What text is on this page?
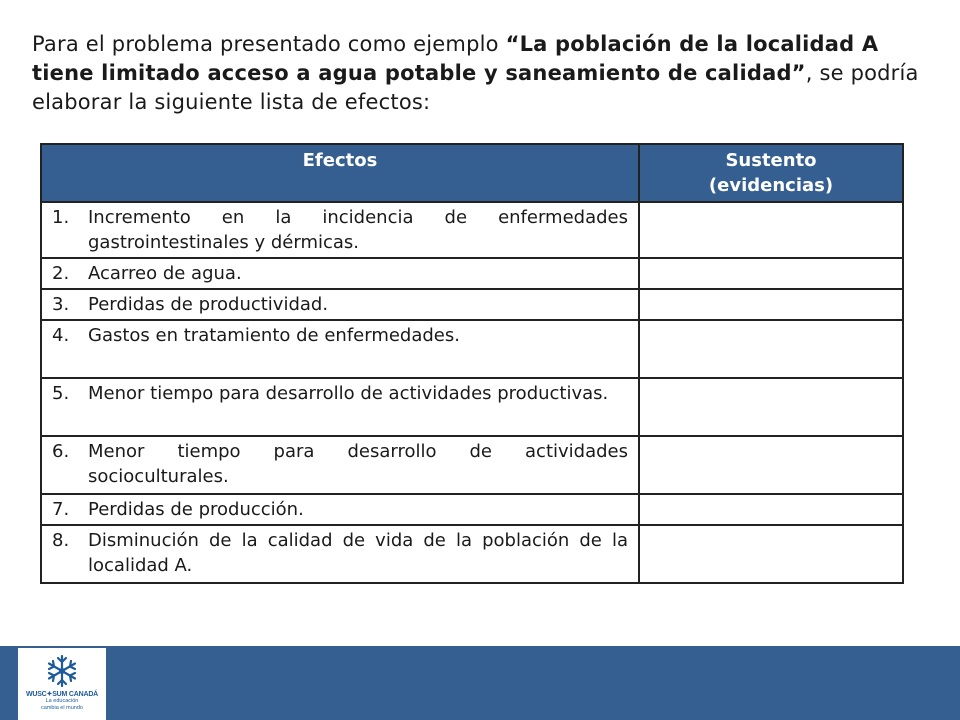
Para el problema presentado como ejemplo “La población de la localidad A tiene limitado acceso a agua potable y saneamiento de calidad”, se podría elaborar la siguiente lista de efectos:

Efectos	Sustento
(evidencias)

1. Incremento en la incidencia de enfermedades gastrointestinales y dérmicas.	

2. Acarreo de agua.	

3. Perdidas de productividad.	

4. Gastos en tratamiento de enfermedades.	

5. Menor tiempo para desarrollo de actividades productivas.	

6. Menor tiempo para desarrollo de actividades socioculturales.	

7. Perdidas de producción.	

8. Disminución de la calidad de vida de la población de la localidad A.	

WUSC✦SUM CANADÁ
La educación
cambia el mundo
